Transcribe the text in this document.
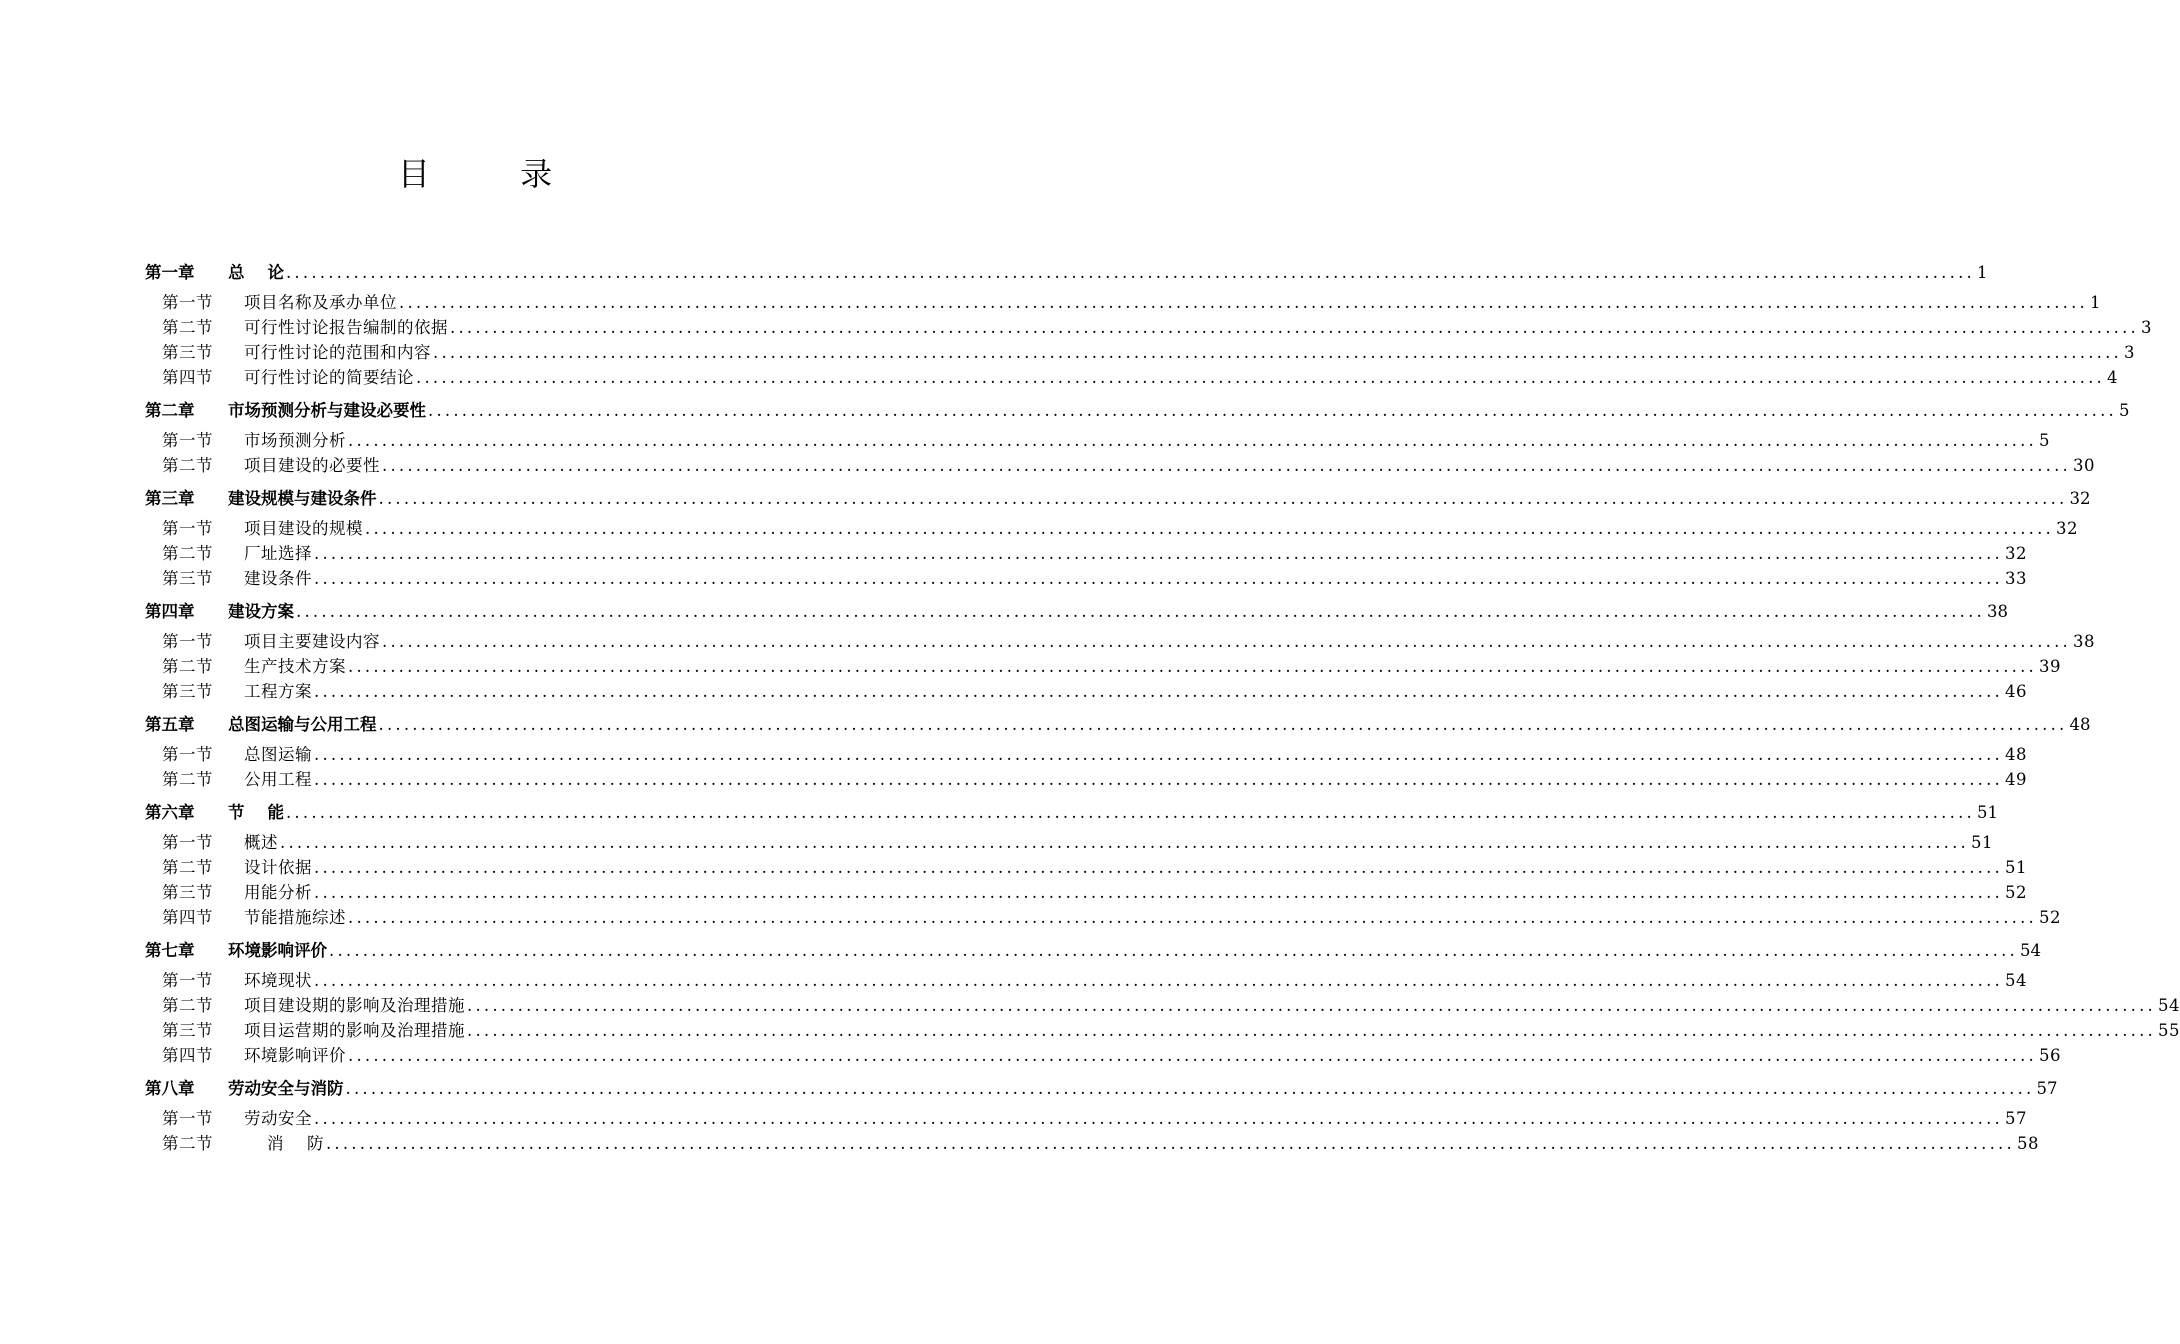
目 录
第一章	总    论 ........................................................................................................................................................................................................ 1
第一节	项目名称及承办单位 ........................................................................................................................................................................................................ 1
第二节	可行性讨论报告编制的依据 ........................................................................................................................................................................................................ 3
第三节	可行性讨论的范围和内容 ........................................................................................................................................................................................................ 3
第四节	可行性讨论的简要结论 ........................................................................................................................................................................................................ 4
第二章	市场预测分析与建设必要性 ........................................................................................................................................................................................................ 5
第一节	市场预测分析 ........................................................................................................................................................................................................ 5
第二节	项目建设的必要性 ........................................................................................................................................................................................................ 30
第三章	建设规模与建设条件 ........................................................................................................................................................................................................ 32
第一节	项目建设的规模 ........................................................................................................................................................................................................ 32
第二节	厂址选择 ........................................................................................................................................................................................................ 32
第三节	建设条件 ........................................................................................................................................................................................................ 33
第四章	建设方案 ........................................................................................................................................................................................................ 38
第一节	项目主要建设内容 ........................................................................................................................................................................................................ 38
第二节	生产技术方案 ........................................................................................................................................................................................................ 39
第三节	工程方案 ........................................................................................................................................................................................................ 46
第五章	总图运输与公用工程 ........................................................................................................................................................................................................ 48
第一节	总图运输 ........................................................................................................................................................................................................ 48
第二节	公用工程 ........................................................................................................................................................................................................ 49
第六章	节    能 ........................................................................................................................................................................................................ 51
第一节	概述 ........................................................................................................................................................................................................ 51
第二节	设计依据 ........................................................................................................................................................................................................ 51
第三节	用能分析 ........................................................................................................................................................................................................ 52
第四节	节能措施综述 ........................................................................................................................................................................................................ 52
第七章	环境影响评价 ........................................................................................................................................................................................................ 54
第一节	环境现状 ........................................................................................................................................................................................................ 54
第二节	项目建设期的影响及治理措施 ........................................................................................................................................................................................................ 54
第三节	项目运营期的影响及治理措施 ........................................................................................................................................................................................................ 55
第四节	环境影响评价 ........................................................................................................................................................................................................ 56
第八章	劳动安全与消防 ........................................................................................................................................................................................................ 57
第一节	劳动安全 ........................................................................................................................................................................................................ 57
第二节	消    防 ........................................................................................................................................................................................................ 58
